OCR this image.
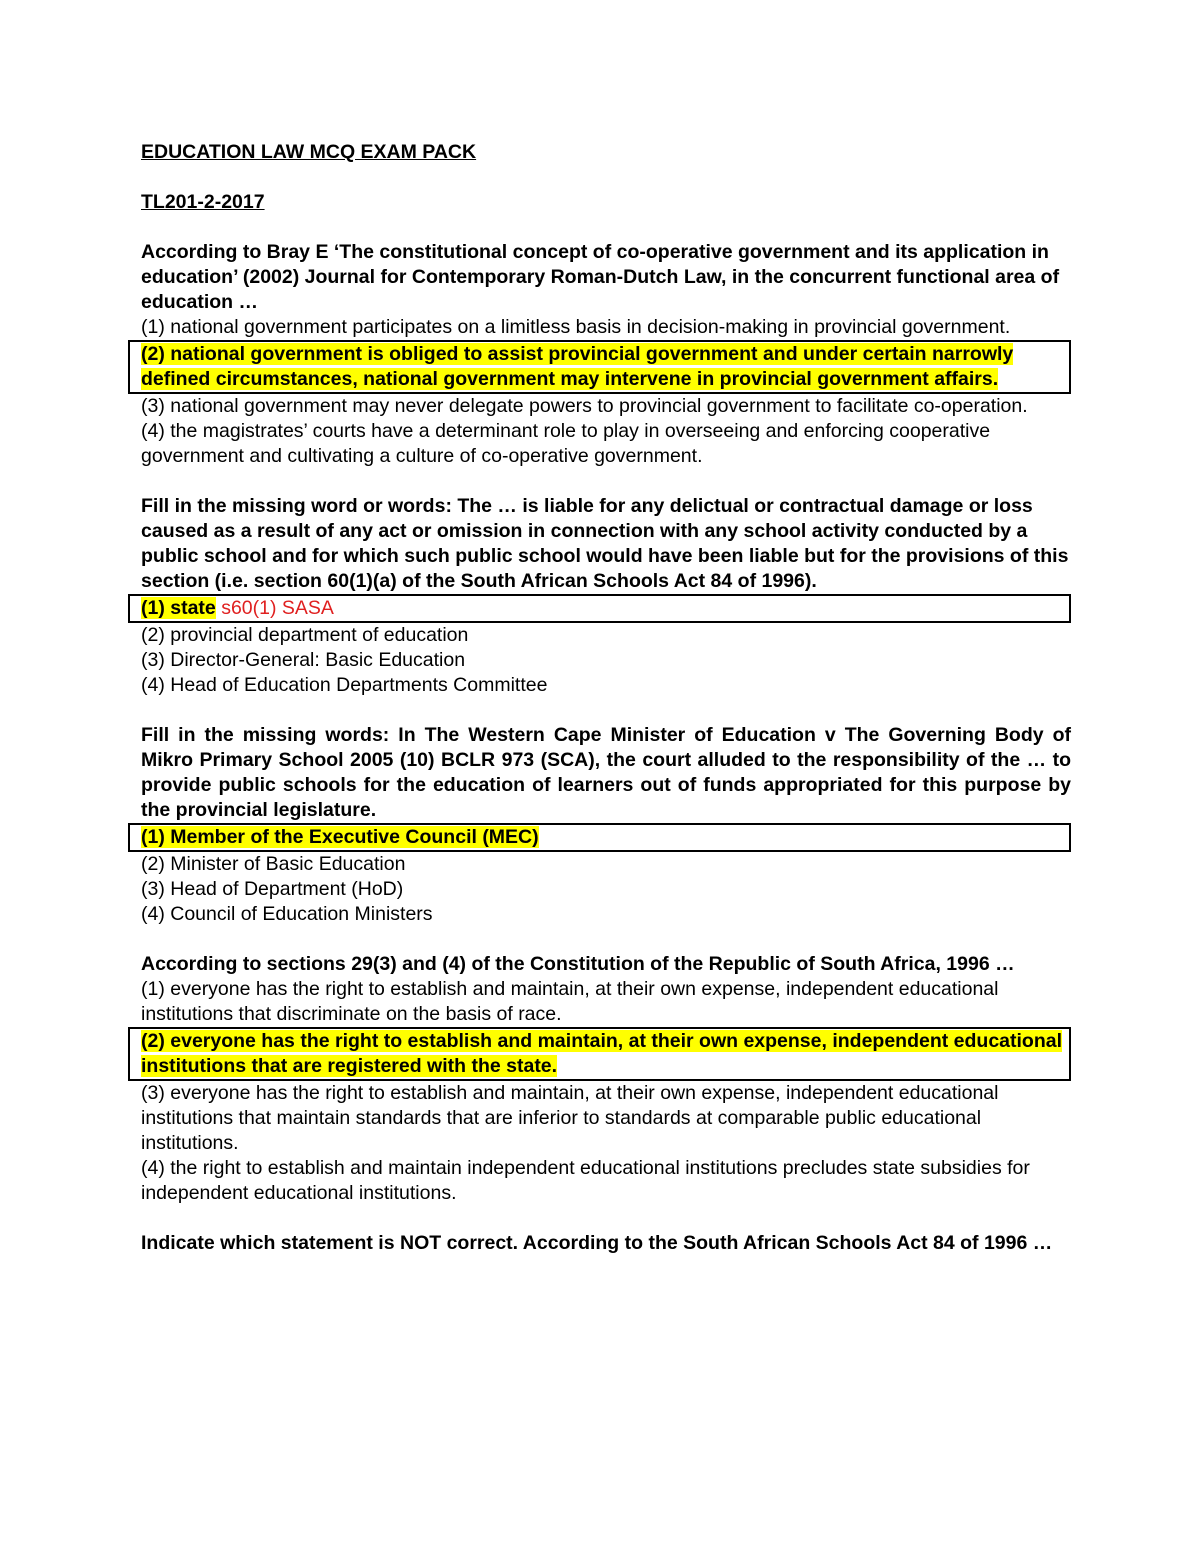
EDUCATION LAW MCQ EXAM PACK

TL201-2-2017

According to Bray E ‘The constitutional concept of co-operative government and its application in education’ (2002) Journal for Contemporary Roman-Dutch Law, in the concurrent functional area of education …

(1) national government participates on a limitless basis in decision-making in provincial government.

(2) national government is obliged to assist provincial government and under certain narrowly defined circumstances, national government may intervene in provincial government affairs.

(3) national government may never delegate powers to provincial government to facilitate co-operation.

(4) the magistrates’ courts have a determinant role to play in overseeing and enforcing cooperative government and cultivating a culture of co-operative government.

Fill in the missing word or words: The … is liable for any delictual or contractual damage or loss caused as a result of any act or omission in connection with any school activity conducted by a public school and for which such public school would have been liable but for the provisions of this section (i.e. section 60(1)(a) of the South African Schools Act 84 of 1996).

(1) state s60(1) SASA

(2) provincial department of education

(3) Director-General: Basic Education

(4) Head of Education Departments Committee

Fill in the missing words: In The Western Cape Minister of Education v The Governing Body of Mikro Primary School 2005 (10) BCLR 973 (SCA), the court alluded to the responsibility of the … to provide public schools for the education of learners out of funds appropriated for this purpose by the provincial legislature.

(1) Member of the Executive Council (MEC)

(2) Minister of Basic Education

(3) Head of Department (HoD)

(4) Council of Education Ministers

According to sections 29(3) and (4) of the Constitution of the Republic of South Africa, 1996 …

(1) everyone has the right to establish and maintain, at their own expense, independent educational institutions that discriminate on the basis of race.

(2) everyone has the right to establish and maintain, at their own expense, independent educational institutions that are registered with the state.

(3) everyone has the right to establish and maintain, at their own expense, independent educational institutions that maintain standards that are inferior to standards at comparable public educational institutions.

(4) the right to establish and maintain independent educational institutions precludes state subsidies for independent educational institutions.

Indicate which statement is NOT correct. According to the South African Schools Act 84 of 1996 …
